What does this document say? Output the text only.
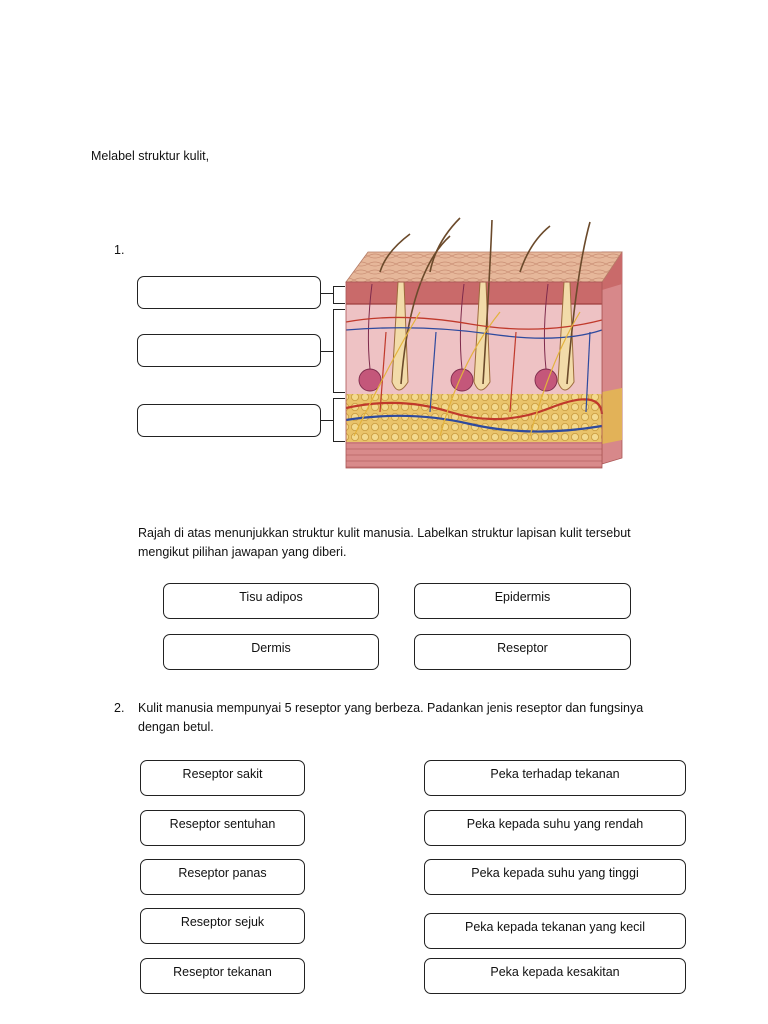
Melabel struktur kulit,
1.
Rajah di atas menunjukkan struktur kulit manusia. Labelkan struktur lapisan kulit tersebut
mengikut pilihan jawapan yang diberi.
Tisu adipos	Epidermis
Dermis	Reseptor
2. Kulit manusia mempunyai 5 reseptor yang berbeza. Padankan jenis reseptor dan fungsinya
dengan betul.
Reseptor sakit
Reseptor sentuhan
Reseptor panas
Reseptor sejuk
Reseptor tekanan
Peka terhadap tekanan
Peka kepada suhu yang rendah
Peka kepada suhu yang tinggi
Peka kepada tekanan yang kecil
Peka kepada kesakitan
